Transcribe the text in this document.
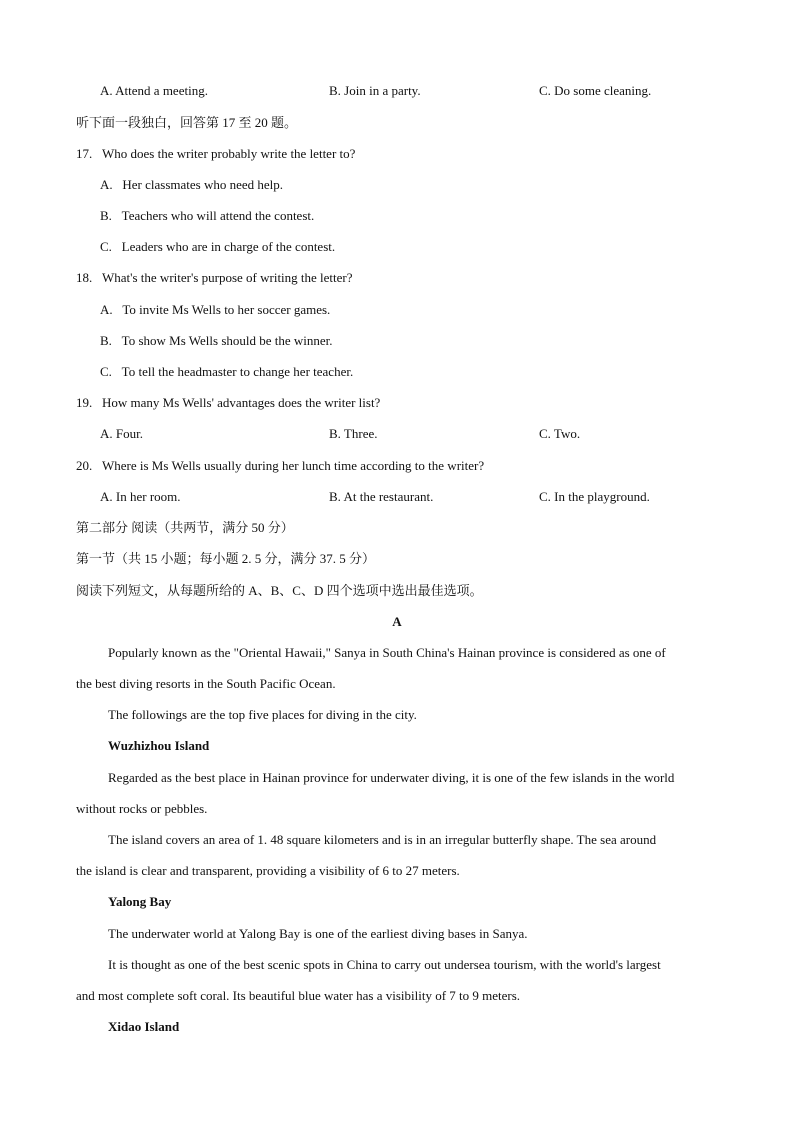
A. Attend a meeting.	B. Join in a party.	C. Do some cleaning.
听下面一段独白，回答第 17 至 20 题。
17.   Who does the writer probably write the letter to?
A.   Her classmates who need help.
B.   Teachers who will attend the contest.
C.   Leaders who are in charge of the contest.
18.   What's the writer's purpose of writing the letter?
A.   To invite Ms Wells to her soccer games.
B.   To show Ms Wells should be the winner.
C.   To tell the headmaster to change her teacher.
19.   How many Ms Wells' advantages does the writer list?
A. Four.	B. Three.	C. Two.
20.   Where is Ms Wells usually during her lunch time according to the writer?
A. In her room.	B. At the restaurant.	C. In the playground.
第二部分 阅读（共两节，满分 50 分）
第一节（共 15 小题；每小题 2. 5 分，满分 37. 5 分）
阅读下列短文，从每题所给的 A、B、C、D 四个选项中选出最佳选项。
A
Popularly known as the "Oriental Hawaii," Sanya in South China's Hainan province is considered as one of
the best diving resorts in the South Pacific Ocean.
The followings are the top five places for diving in the city.
Wuzhizhou Island
Regarded as the best place in Hainan province for underwater diving, it is one of the few islands in the world
without rocks or pebbles.
The island covers an area of 1. 48 square kilometers and is in an irregular butterfly shape. The sea around
the island is clear and transparent, providing a visibility of 6 to 27 meters.
Yalong Bay
The underwater world at Yalong Bay is one of the earliest diving bases in Sanya.
It is thought as one of the best scenic spots in China to carry out undersea tourism, with the world's largest
and most complete soft coral. Its beautiful blue water has a visibility of 7 to 9 meters.
Xidao Island
